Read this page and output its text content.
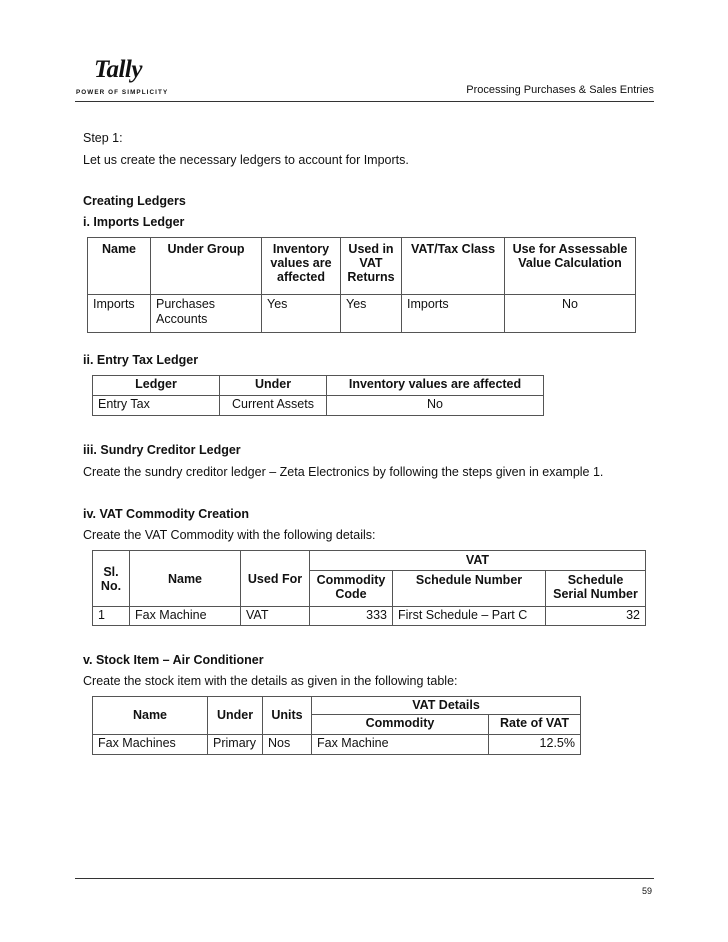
Tally
POWER OF SIMPLICITY	Processing Purchases & Sales Entries
Step 1:
Let us create the necessary ledgers to account for Imports.
Creating Ledgers
i. Imports Ledger
Name	Under Group	Inventory values are affected	Used in VAT Returns	VAT/Tax Class	Use for Assessable Value Calculation
Imports	Purchases Accounts	Yes	Yes	Imports	No
ii. Entry Tax Ledger
Ledger	Under	Inventory values are affected
Entry Tax	Current Assets	No
iii. Sundry Creditor Ledger
Create the sundry creditor ledger – Zeta Electronics by following the steps given in example 1.
iv. VAT Commodity Creation
Create the VAT Commodity with the following details:
Sl. No.	Name	Used For	VAT		
			Commodity Code	Schedule Number	Schedule Serial Number
1	Fax Machine	VAT	333	First Schedule – Part C	32
v. Stock Item – Air Conditioner
Create the stock item with the details as given in the following table:
Name	Under	Units	VAT Details	
			Commodity	Rate of VAT
Fax Machines	Primary	Nos	Fax Machine	12.5%
59
